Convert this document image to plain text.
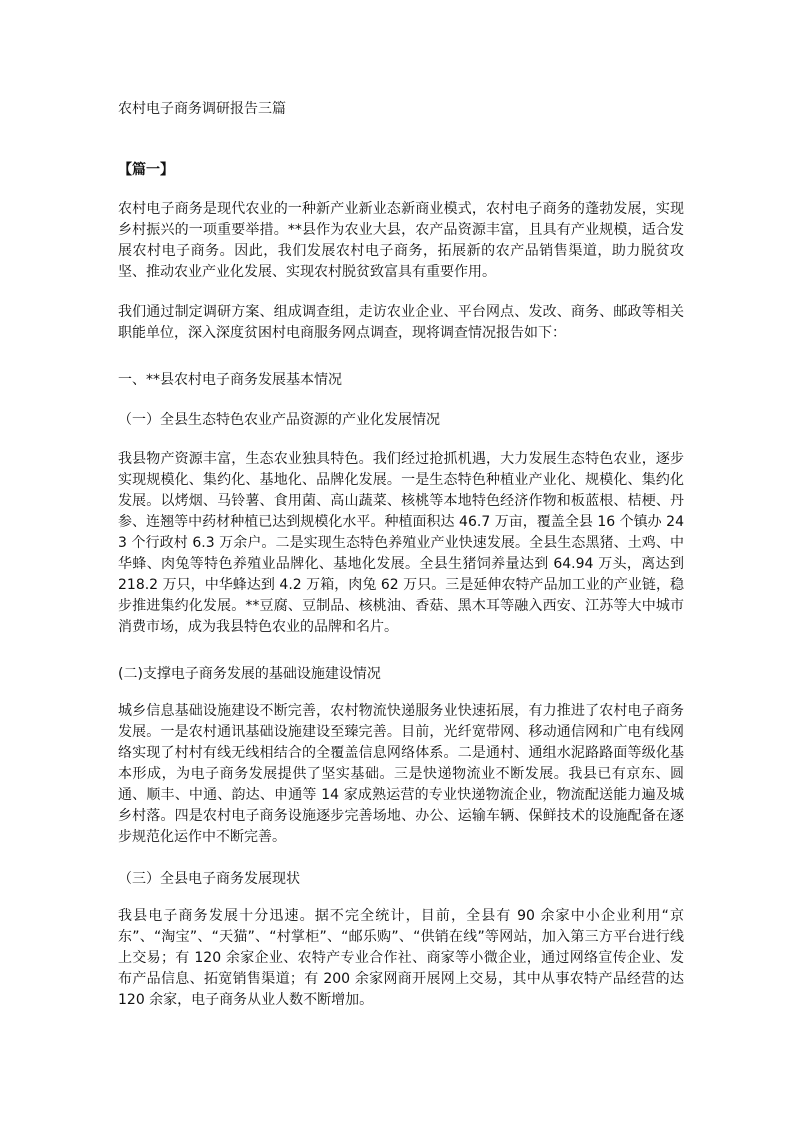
农村电子商务调研报告三篇
【篇一】

农村电子商务是现代农业的一种新产业新业态新商业模式，农村电子商务的蓬勃发展，实现乡村振兴的一项重要举措。**县作为农业大县，农产品资源丰富，且具有产业规模，适合发展农村电子商务。因此，我们发展农村电子商务，拓展新的农产品销售渠道，助力脱贫攻坚、推动农业产业化发展、实现农村脱贫致富具有重要作用。

我们通过制定调研方案、组成调查组，走访农业企业、平台网点、发改、商务、邮政等相关职能单位，深入深度贫困村电商服务网点调查，现将调查情况报告如下：

一、**县农村电子商务发展基本情况
（一）全县生态特色农业产品资源的产业化发展情况

我县物产资源丰富，生态农业独具特色。我们经过抢抓机遇，大力发展生态特色农业，逐步实现规模化、集约化、基地化、品牌化发展。一是生态特色种植业产业化、规模化、集约化发展。以烤烟、马铃薯、食用菌、高山蔬菜、核桃等本地特色经济作物和板蓝根、桔梗、丹参、连翘等中药材种植已达到规模化水平。种植面积达 46.7 万亩，覆盖全县 16 个镇办 243 个行政村 6.3 万余户。二是实现生态特色养殖业产业快速发展。全县生态黑猪、土鸡、中华蜂、肉兔等特色养殖业品牌化、基地化发展。全县生猪饲养量达到 64.94 万头，离达到 218.2 万只，中华蜂达到 4.2 万箱，肉兔 62 万只。三是延伸农特产品加工业的产业链，稳步推进集约化发展。**豆腐、豆制品、核桃油、香菇、黑木耳等融入西安、江苏等大中城市消费市场，成为我县特色农业的品牌和名片。

(二)支撑电子商务发展的基础设施建设情况

城乡信息基础设施建设不断完善，农村物流快递服务业快速拓展，有力推进了农村电子商务发展。一是农村通讯基础设施建设至臻完善。目前，光纤宽带网、移动通信网和广电有线网络实现了村村有线无线相结合的全覆盖信息网络体系。二是通村、通组水泥路路面等级化基本形成，为电子商务发展提供了坚实基础。三是快递物流业不断发展。我县已有京东、圆通、顺丰、中通、韵达、申通等 14 家成熟运营的专业快递物流企业，物流配送能力遍及城乡村落。四是农村电子商务设施逐步完善场地、办公、运输车辆、保鲜技术的设施配备在逐步规范化运作中不断完善。

（三）全县电子商务发展现状

我县电子商务发展十分迅速。据不完全统计，目前，全县有 90 余家中小企业利用“京东”、“淘宝”、“天猫”、“村掌柜”、“邮乐购”、“供销在线”等网站，加入第三方平台进行线上交易；有 120 余家企业、农特产专业合作社、商家等小微企业，通过网络宣传企业、发布产品信息、拓宽销售渠道；有 200 余家网商开展网上交易，其中从事农特产品经营的达 120 余家，电子商务从业人数不断增加。
